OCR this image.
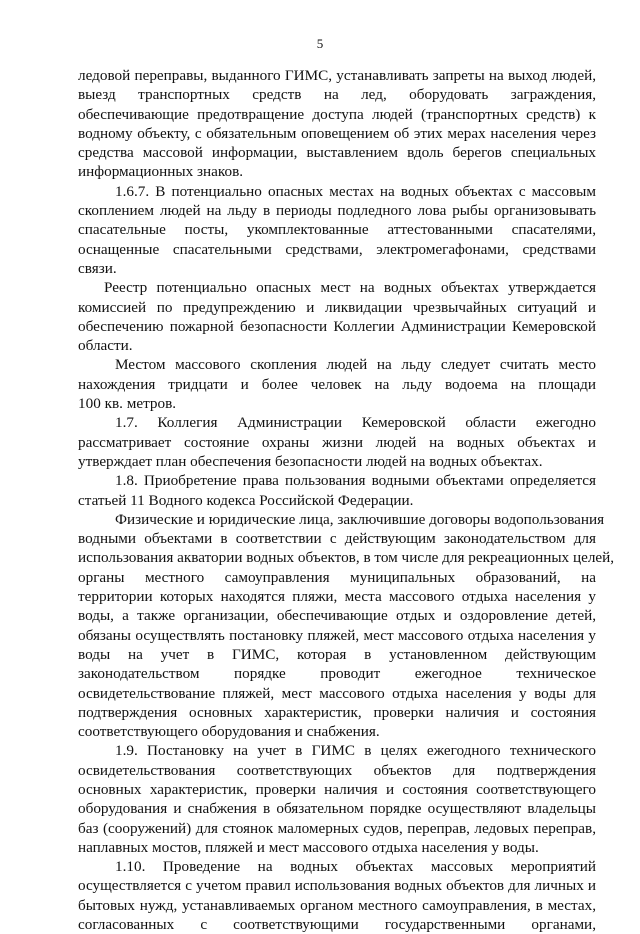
5
ледовой переправы, выданного ГИМС, устанавливать запреты на выход людей,
выезд транспортных средств на лед, оборудовать заграждения,
обеспечивающие предотвращение доступа людей (транспортных средств) к
водному объекту, с обязательным оповещением об этих мерах населения через
средства массовой информации, выставлением вдоль берегов специальных
информационных знаков.
1.6.7. В потенциально опасных местах на водных объектах с массовым
скоплением людей на льду в периоды подледного лова рыбы организовывать
спасательные посты, укомплектованные аттестованными спасателями,
оснащенные спасательными средствами, электромегафонами, средствами
связи.
Реестр потенциально опасных мест на водных объектах утверждается
комиссией по предупреждению и ликвидации чрезвычайных ситуаций и
обеспечению пожарной безопасности Коллегии Администрации Кемеровской
области.
Местом массового скопления людей на льду следует считать место
нахождения тридцати и более человек на льду водоема на площади
100 кв. метров.
1.7. Коллегия Администрации Кемеровской области ежегодно
рассматривает состояние охраны жизни людей на водных объектах и
утверждает план обеспечения безопасности людей на водных объектах.
1.8. Приобретение права пользования водными объектами определяется
статьей 11 Водного кодекса Российской Федерации.
Физические и юридические лица, заключившие договоры водопользования
водными объектами в соответствии с действующим законодательством для
использования акватории водных объектов, в том числе для рекреационных целей,
органы местного самоуправления муниципальных образований, на
территории которых находятся пляжи, места массового отдыха населения у
воды, а также организации, обеспечивающие отдых и оздоровление детей,
обязаны осуществлять постановку пляжей, мест массового отдыха населения у
воды на учет в ГИМС, которая в установленном действующим
законодательством порядке проводит ежегодное техническое
освидетельствование пляжей, мест массового отдыха населения у воды для
подтверждения основных характеристик, проверки наличия и состояния
соответствующего оборудования и снабжения.
1.9. Постановку на учет в ГИМС в целях ежегодного технического
освидетельствования соответствующих объектов для подтверждения
основных характеристик, проверки наличия и состояния соответствующего
оборудования и снабжения в обязательном порядке осуществляют владельцы
баз (сооружений) для стоянок маломерных судов, переправ, ледовых переправ,
наплавных мостов, пляжей и мест массового отдыха населения у воды.
1.10. Проведение на водных объектах массовых мероприятий
осуществляется с учетом правил использования водных объектов для личных и
бытовых нужд, устанавливаемых органом местного самоуправления, в местах,
согласованных с соответствующими государственными органами,
